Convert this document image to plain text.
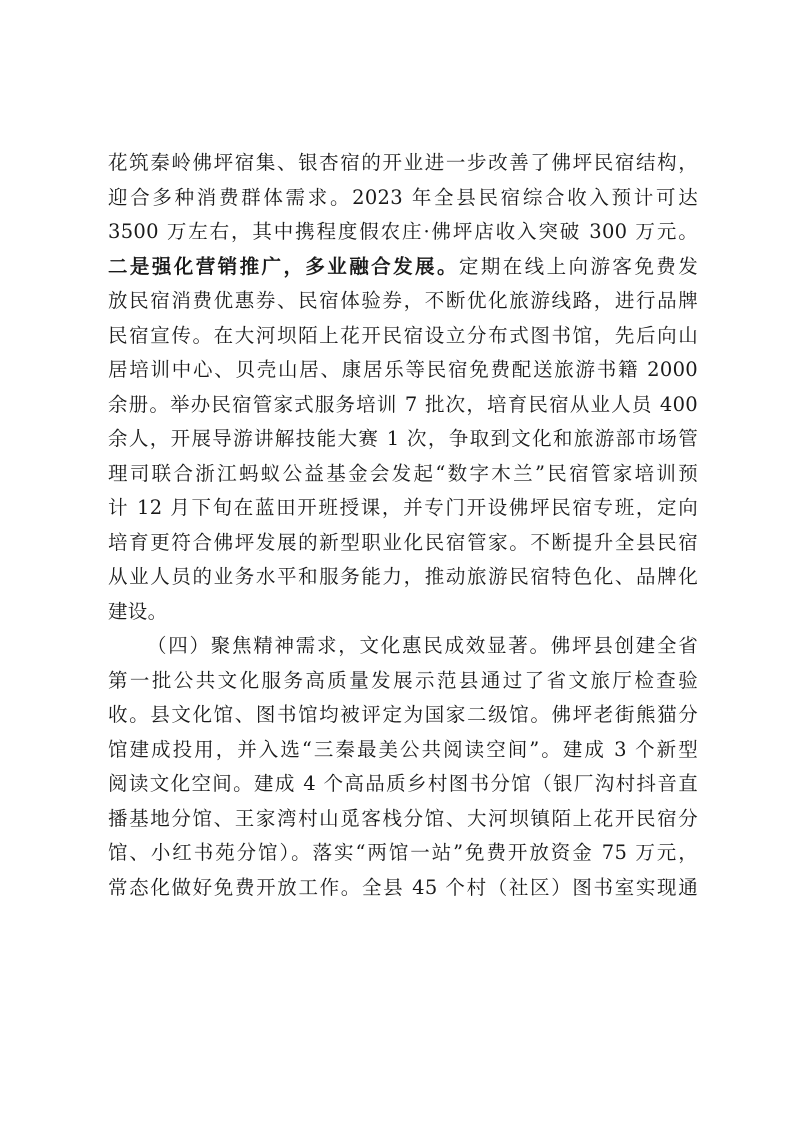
花筑秦岭佛坪宿集、银杏宿的开业进一步改善了佛坪民宿结构，
迎合多种消费群体需求。2023 年全县民宿综合收入预计可达
3500 万左右，其中携程度假农庄·佛坪店收入突破 300 万元。
二是强化营销推广，多业融合发展。定期在线上向游客免费发
放民宿消费优惠券、民宿体验券，不断优化旅游线路，进行品牌
民宿宣传。在大河坝陌上花开民宿设立分布式图书馆，先后向山
居培训中心、贝壳山居、康居乐等民宿免费配送旅游书籍 2000
余册。举办民宿管家式服务培训 7 批次，培育民宿从业人员 400
余人，开展导游讲解技能大赛 1 次，争取到文化和旅游部市场管
理司联合浙江蚂蚁公益基金会发起“数字木兰”民宿管家培训预
计 12 月下旬在蓝田开班授课，并专门开设佛坪民宿专班，定向
培育更符合佛坪发展的新型职业化民宿管家。不断提升全县民宿
从业人员的业务水平和服务能力，推动旅游民宿特色化、品牌化
建设。
（四）聚焦精神需求，文化惠民成效显著。佛坪县创建全省
第一批公共文化服务高质量发展示范县通过了省文旅厅检查验
收。县文化馆、图书馆均被评定为国家二级馆。佛坪老街熊猫分
馆建成投用，并入选“三秦最美公共阅读空间”。建成 3 个新型
阅读文化空间。建成 4 个高品质乡村图书分馆（银厂沟村抖音直
播基地分馆、王家湾村山觅客栈分馆、大河坝镇陌上花开民宿分
馆、小红书苑分馆）。落实“两馆一站”免费开放资金 75 万元，
常态化做好免费开放工作。全县 45 个村（社区）图书室实现通
